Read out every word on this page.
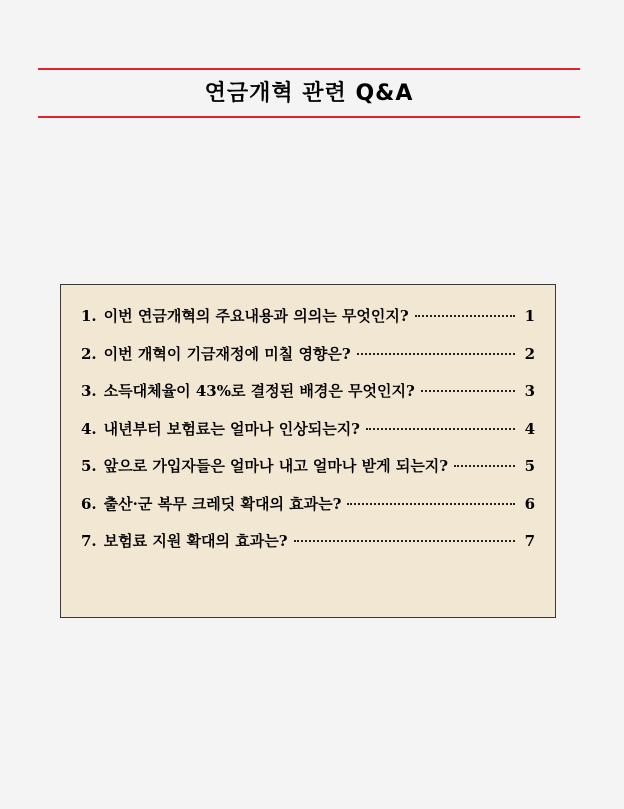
연금개혁 관련 Q&A
1. 이번 연금개혁의 주요내용과 의의는 무엇인지?	1
2. 이번 개혁이 기금재정에 미칠 영향은?	2
3. 소득대체율이 43%로 결정된 배경은 무엇인지?	3
4. 내년부터 보험료는 얼마나 인상되는지?	4
5. 앞으로 가입자들은 얼마나 내고 얼마나 받게 되는지?	5
6. 출산·군 복무 크레딧 확대의 효과는?	6
7. 보험료 지원 확대의 효과는?	7
